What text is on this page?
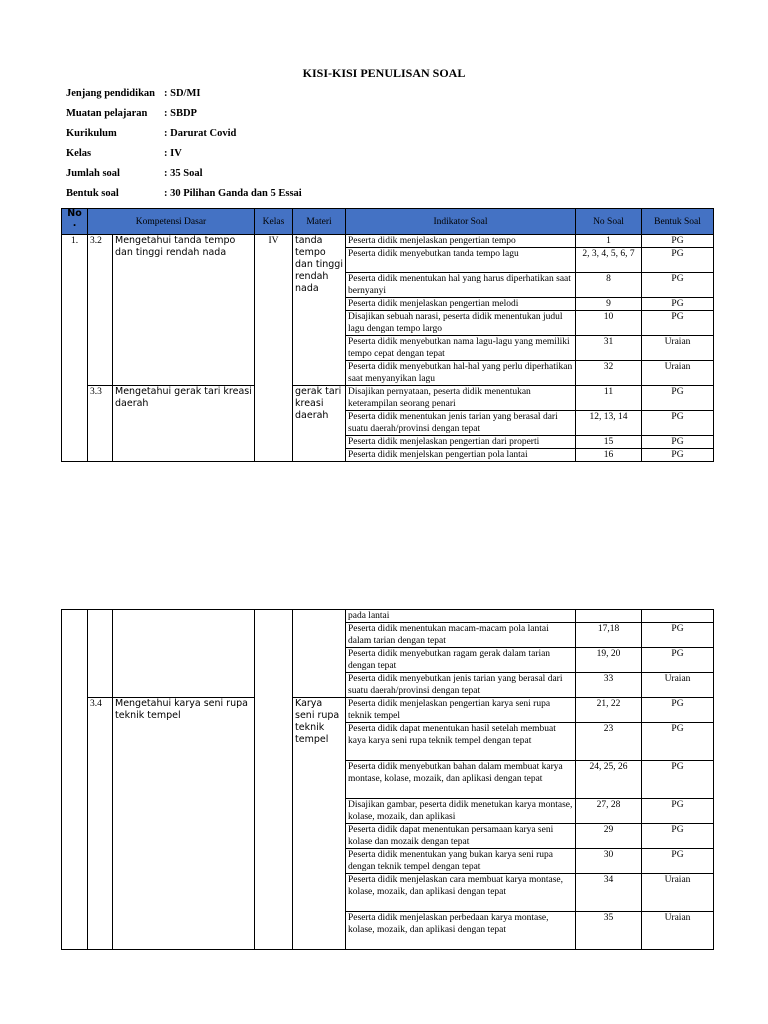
KISI-KISI PENULISAN SOAL
Jenjang pendidikan : SD/MI
Muatan pelajaran	: SBDP
Kurikulum	: Darurat Covid
Kelas	: IV
Jumlah soal	: 35 Soal
Bentuk soal	: 30 Pilihan Ganda dan 5 Essai
No .	Kompetensi Dasar		Kelas	Materi	Indikator Soal	No Soal	Bentuk Soal
1.	3.2	Mengetahui tanda tempo dan tinggi rendah nada	IV	tanda tempo dan tinggi rendah nada	Peserta didik menjelaskan pengertian tempo	1	PG
					Peserta didik menyebutkan tanda tempo lagu	2, 3, 4, 5, 6, 7	PG
					Peserta didik menentukan hal yang harus diperhatikan saat bernyanyi	8	PG
					Peserta didik menjelaskan pengertian melodi	9	PG
					Disajikan sebuah narasi, peserta didik menentukan judul lagu dengan tempo largo	10	PG
					Peserta didik menyebutkan nama lagu-lagu yang memiliki tempo cepat dengan tepat	31	Uraian
					Peserta didik menyebutkan hal-hal yang perlu diperhatikan saat menyanyikan lagu	32	Uraian
	3.3	Mengetahui gerak tari kreasi daerah		gerak tari kreasi daerah	Disajikan pernyataan, peserta didik menentukan keterampilan seorang penari	11	PG
					Peserta didik menentukan jenis tarian yang berasal dari suatu daerah/provinsi dengan tepat	12, 13, 14	PG
					Peserta didik menjelaskan pengertian dari properti	15	PG
					Peserta didik menjelskan pengertian pola lantai	16	PG
					pada lantai		
					Peserta didik menentukan macam-macam pola lantai dalam tarian dengan tepat	17,18	PG
					Peserta didik menyebutkan ragam gerak dalam tarian dengan tepat	19, 20	PG
					Peserta didik menyebutkan jenis tarian yang berasal dari suatu daerah/provinsi dengan tepat	33	Uraian
	3.4	Mengetahui karya seni rupa teknik tempel		Karya seni rupa teknik tempel	Peserta didik menjelaskan pengertian karya seni rupa teknik tempel	21, 22	PG
					Peserta didik dapat menentukan hasil setelah membuat kaya karya seni rupa teknik tempel dengan tepat	23	PG
					Peserta didik menyebutkan bahan dalam membuat karya montase, kolase, mozaik, dan aplikasi dengan tepat	24, 25, 26	PG
					Disajikan gambar, peserta didik menetukan karya montase, kolase, mozaik, dan aplikasi	27, 28	PG
					Peserta didik dapat menentukan persamaan karya seni kolase dan mozaik dengan tepat	29	PG
					Peserta didik menentukan yang bukan karya seni rupa dengan teknik tempel dengan tepat	30	PG
					Peserta didik menjelaskan cara membuat karya montase, kolase, mozaik, dan aplikasi dengan tepat	34	Uraian
					Peserta didik menjelaskan perbedaan karya montase, kolase, mozaik, dan aplikasi dengan tepat	35	Uraian
